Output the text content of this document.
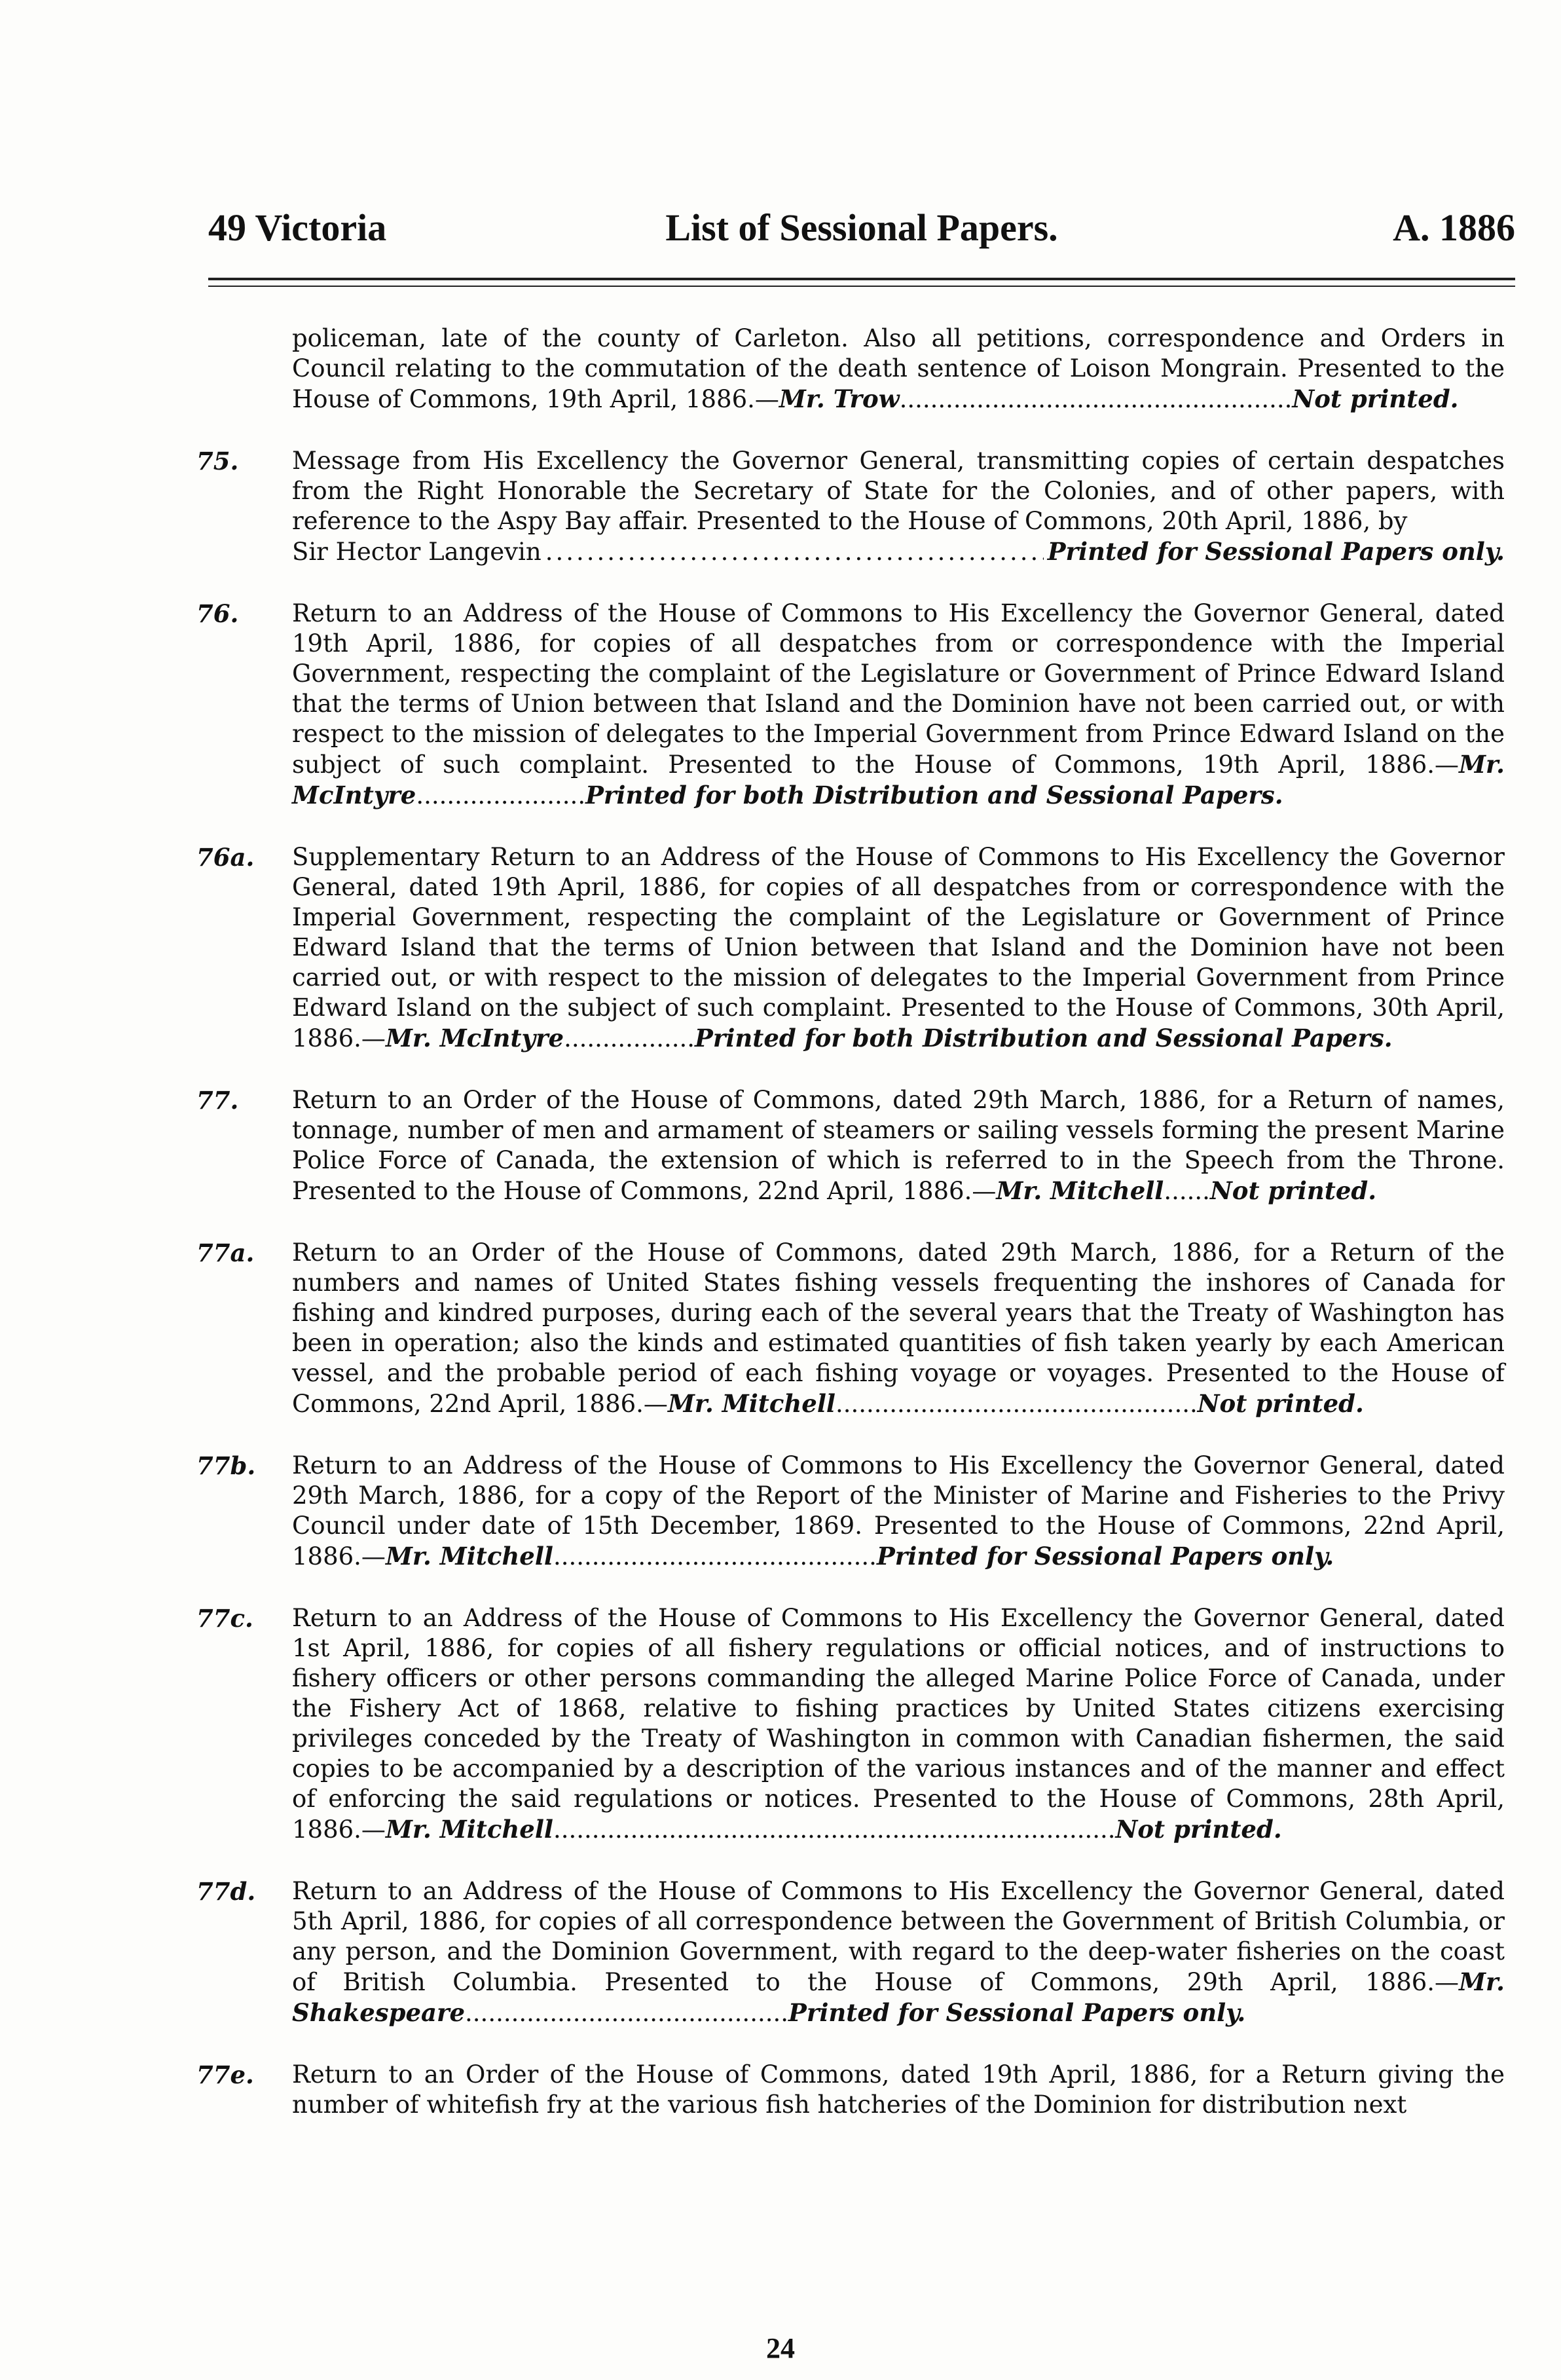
49 Victoria	List of Sessional Papers.	A. 1886

policeman, late of the county of Carleton. Also all petitions, correspondence and Orders in Council relating to the commutation of the death sentence of Loison Mongrain. Presented to the House of Commons, 19th April, 1886.—Mr. Trow...................................................Not printed.

75. Message from His Excellency the Governor General, transmitting copies of certain despatches from the Right Honorable the Secretary of State for the Colonies, and of other papers, with reference to the Aspy Bay affair. Presented to the House of Commons, 20th April, 1886, by
Sir Hector Langevin
.....	Printed for Sessional Papers only.

76. Return to an Address of the House of Commons to His Excellency the Governor General, dated 19th April, 1886, for copies of all despatches from or correspondence with the Imperial Government, respecting the complaint of the Legislature or Government of Prince Edward Island that the terms of Union between that Island and the Dominion have not been carried out, or with respect to the mission of delegates to the Imperial Government from Prince Edward Island on the subject of such complaint. Presented to the House of Commons, 19th April, 1886.—Mr. McIntyre......................Printed for both Distribution and Sessional Papers.

76a. Supplementary Return to an Address of the House of Commons to His Excellency the Governor General, dated 19th April, 1886, for copies of all despatches from or correspondence with the Imperial Government, respecting the complaint of the Legislature or Government of Prince Edward Island that the terms of Union between that Island and the Dominion have not been carried out, or with respect to the mission of delegates to the Imperial Government from Prince Edward Island on the subject of such complaint. Presented to the House of Commons, 30th April, 1886.—Mr. McIntyre.................Printed for both Distribution and Sessional Papers.

77. Return to an Order of the House of Commons, dated 29th March, 1886, for a Return of names, tonnage, number of men and armament of steamers or sailing vessels forming the present Marine Police Force of Canada, the extension of which is referred to in the Speech from the Throne. Presented to the House of Commons, 22nd April, 1886.—Mr. Mitchell......Not printed.

77a. Return to an Order of the House of Commons, dated 29th March, 1886, for a Return of the numbers and names of United States fishing vessels frequenting the inshores of Canada for fishing and kindred purposes, during each of the several years that the Treaty of Washington has been in operation; also the kinds and estimated quantities of fish taken yearly by each American vessel, and the probable period of each fishing voyage or voyages. Presented to the House of Commons, 22nd April, 1886.—Mr. Mitchell...............................................Not printed.

77b. Return to an Address of the House of Commons to His Excellency the Governor General, dated 29th March, 1886, for a copy of the Report of the Minister of Marine and Fisheries to the Privy Council under date of 15th December, 1869. Presented to the House of Commons, 22nd April, 1886.—Mr. Mitchell..........................................Printed for Sessional Papers only.

77c. Return to an Address of the House of Commons to His Excellency the Governor General, dated 1st April, 1886, for copies of all fishery regulations or official notices, and of instructions to fishery officers or other persons commanding the alleged Marine Police Force of Canada, under the Fishery Act of 1868, relative to fishing practices by United States citizens exercising privileges conceded by the Treaty of Washington in common with Canadian fishermen, the said copies to be accompanied by a description of the various instances and of the manner and effect of enforcing the said regulations or notices. Presented to the House of Commons, 28th April, 1886.—Mr. Mitchell.........................................................................Not printed.

77d. Return to an Address of the House of Commons to His Excellency the Governor General, dated 5th April, 1886, for copies of all correspondence between the Government of British Columbia, or any person, and the Dominion Government, with regard to the deep-water fisheries on the coast of British Columbia. Presented to the House of Commons, 29th April, 1886.—Mr. Shakespeare..........................................Printed for Sessional Papers only.

77e. Return to an Order of the House of Commons, dated 19th April, 1886, for a Return giving the number of whitefish fry at the various fish hatcheries of the Dominion for distribution next

24
